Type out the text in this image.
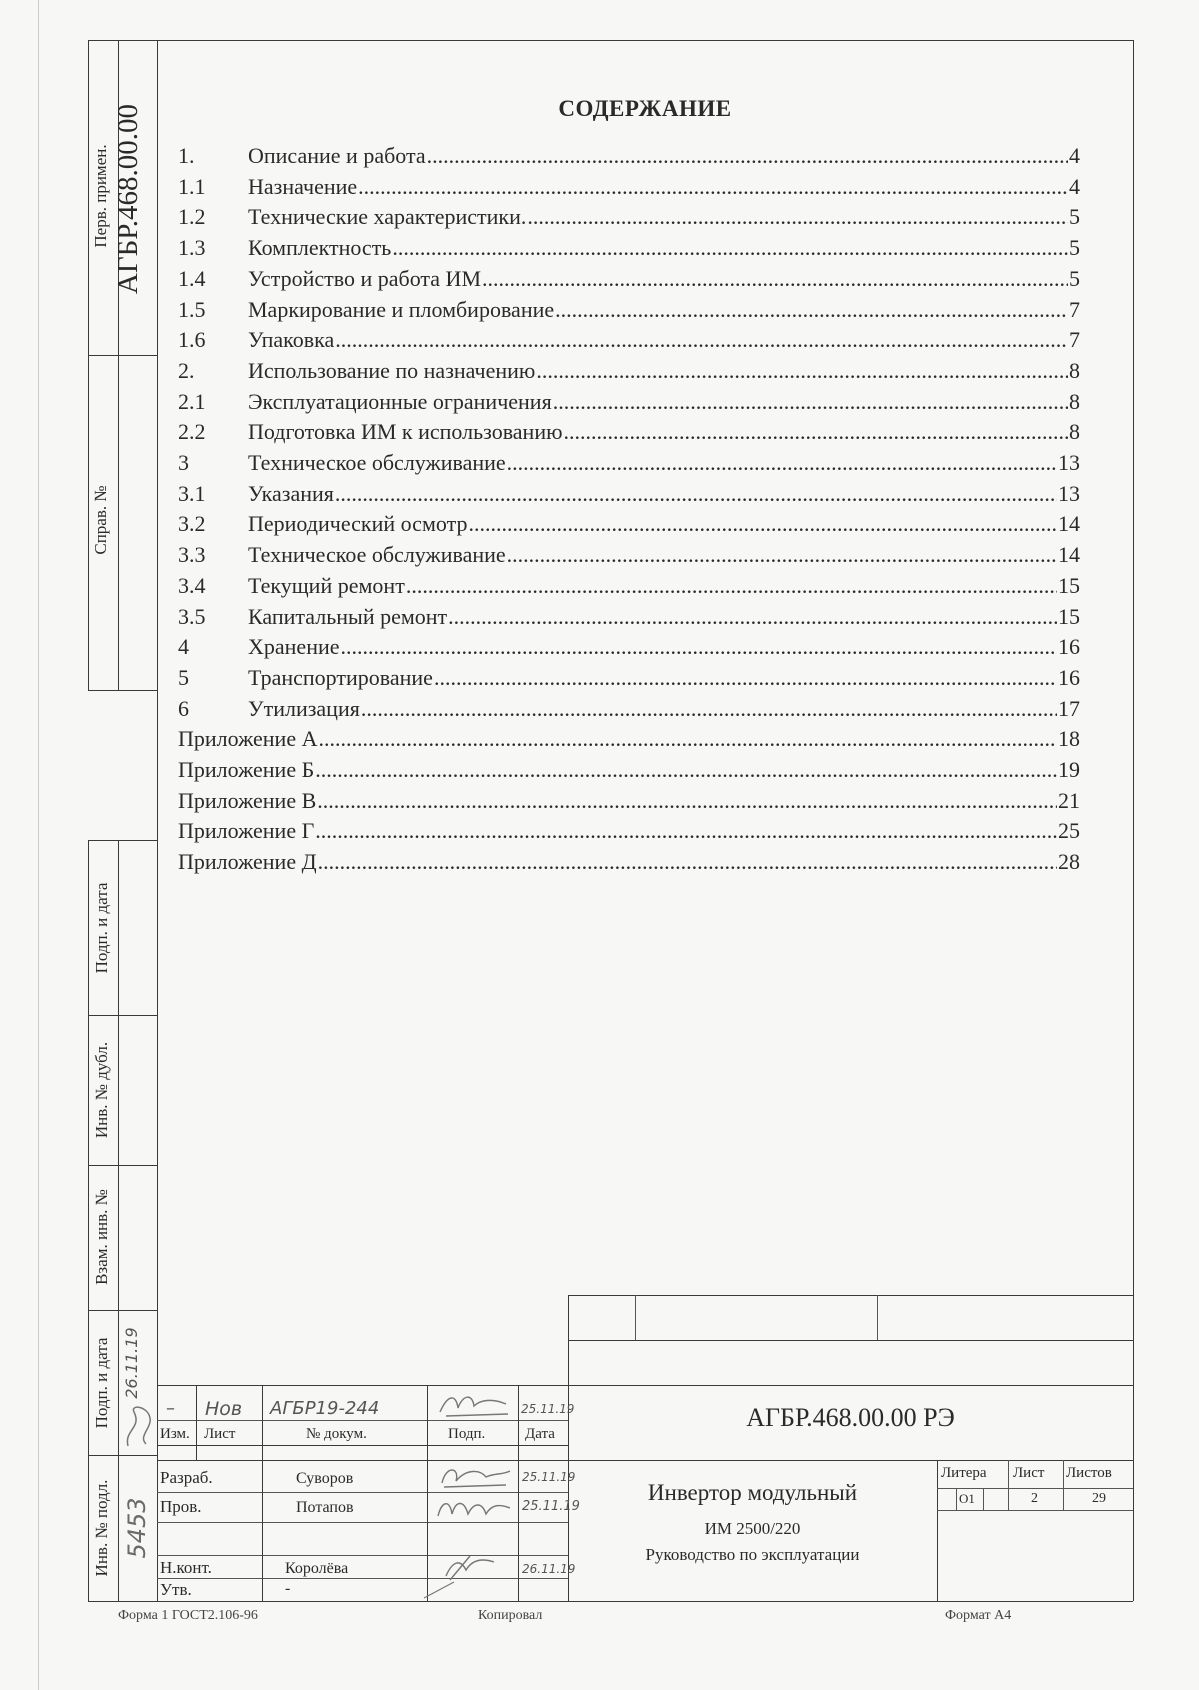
Перв. примен. АГБР.468.00.00
Справ. №
Подп. и дата
Инв. № дубл.
Взам. инв. №
Подп. и дата 26.11.19
Инв. № подл. 5453
СОДЕРЖАНИЕ
1.	Описание и работа .....	4
1.1	Назначение .....	4
1.2	Технические характеристики. .....	5
1.3	Комплектность .....	5
1.4	Устройство и работа ИМ .....	5
1.5	Маркирование и пломбирование .....	7
1.6	Упаковка .....	7
2.	Использование по назначению .....	8
2.1	Эксплуатационные ограничения .....	8
2.2	Подготовка ИМ к использованию .....	8
3	Техническое обслуживание .....	13
3.1	Указания .....	13
3.2	Периодический осмотр .....	14
3.3	Техническое обслуживание .....	14
3.4	Текущий ремонт .....	15
3.5	Капитальный ремонт .....	15
4	Хранение .....	16
5	Транспортирование .....	16
6	Утилизация .....	17
Приложение А .....	18
Приложение Б .....	19
Приложение В .....	21
Приложение Г .....	25
Приложение Д .....	28
– Нов АГБР19-244	25.11.19
Изм. Лист	№ докум.	Подп.	Дата
Разраб.	Суворов	25.11.19
Пров.	Потапов	25.11.19
Н.конт.	Королёва	26.11.19
Утв.	-
АГБР.468.00.00 РЭ
Инвертор модульный
ИМ 2500/220
Руководство по эксплуатации
Литера Лист Листов
О1	2	29
Форма 1 ГОСТ2.106-96	Копировал	Формат А4
